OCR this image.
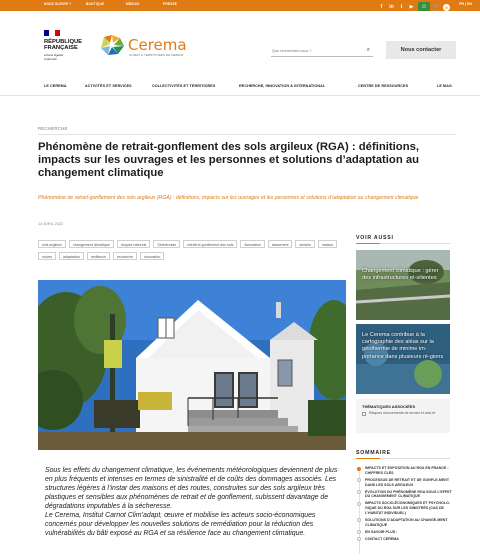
NOUS SUIVRE ?	BOUTIQUE	MÉDIAS	PRESSE	f	in	t	▶	☺	🛒	0
FR | EN
RÉPUBLIQUE FRANÇAISE
Liberté Égalité Fraternité
Cerema
CLIMAT & TERRITOIRES DE DEMAIN
Que recherchez-vous ?	⌕	Nous contacter
LE CEREMA	ACTIVITÉS ET SERVICES	COLLECTIVITÉS ET TERRITOIRES	RECHERCHE, INNOVATION & INTERNATIONAL	CENTRE DE RESSOURCES	LE MAG
RECHERCHE
Phénomène de retrait-gonflement des sols argileux (RGA) : définitions, impacts sur les ouvrages et les personnes et solutions d’adaptation au changement climatique

Phénomène de retrait-gonflement des sols argileux (RGA) : définitions, impacts sur les ouvrages et les personnes et solutions d’adaptation au changement climatique

14 AVRIL 2022
sols argileux	changement climatique	risques naturels	Sécheresse	retrait et gonflement des sols	fissuration	tassement	sinistre	maison
routes	adaptation	résilience	recherche	innovation

Sous les effets du changement climatique, les événements météorologiques deviennent de plus en plus fréquents et intenses en termes de sinistralité et de coûts des dommages associés. Les structures légères à l’instar des maisons et des routes, construites sur des sols argileux très plastiques et sensibles aux phénomènes de retrait et de gonflement, subissent davantage de dégradations imputables à la sécheresse.

Le Cerema, Institut Carnot Clim’adapt, œuvre et mobilise les acteurs socio-économiques concernés pour développer les nouvelles solutions de remédiation pour la réduction des vulnérabilités du bâti exposé au RGA et sa résilience face au changement climatique.

VOIR AUSSI
Changement climatique : gérer des infrastructures ré-silientes
Le Cerema contribue à la cartographie des aléas sur la géothermie de minime im-portance dans plusieurs ré-gions
THÉMATIQUES ASSOCIÉES
Risques mouvements de terrain et cavi-té
SOMMAIRE
IMPACTS ET EXPOSITION AU RGA EN FRANCE : CHIFFRES CLÉS
PROCESSUS DE RETRAIT ET DE GONFLE-MENT DANS LES SOLS ARGILEUX
ÉVOLUTION DU PHÉNOMÈNE RGA SOUS L’EFFET DU CHANGEMENT CLIMATIQUE
IMPACTS SOCIO-ÉCONOMIQUES ET PSYCHOLO-GIQUE DU RGA SUR LES SINISTRÉS (CAS DE L’HABITAT INDIVIDUEL)
SOLUTIONS D’ADAPTATION AU CHANGE-MENT CLIMATIQUE
EN SAVOIR PLUS :
CONTACT CEREMA
